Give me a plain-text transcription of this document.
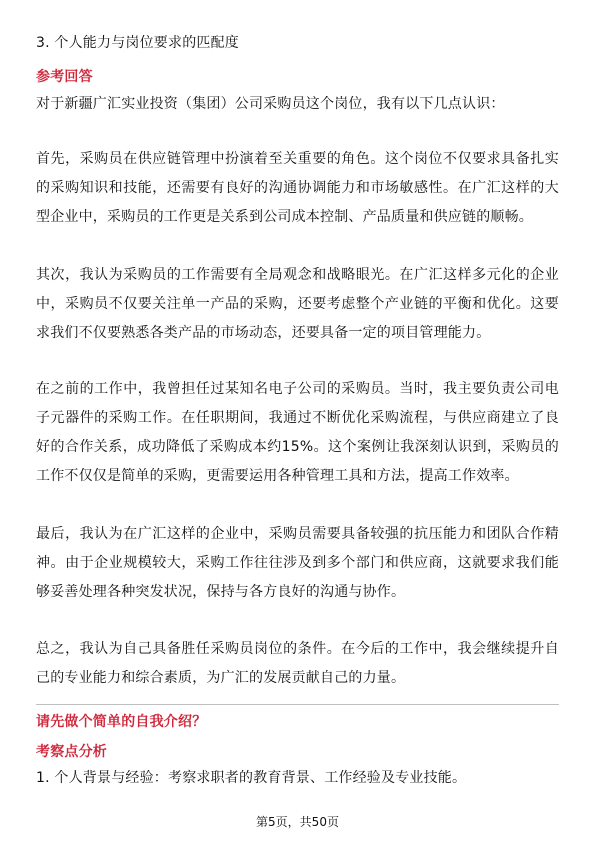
3. 个人能力与岗位要求的匹配度
参考回答
对于新疆广汇实业投资（集团）公司采购员这个岗位，我有以下几点认识：
首先，采购员在供应链管理中扮演着至关重要的角色。这个岗位不仅要求具备扎实
的采购知识和技能，还需要有良好的沟通协调能力和市场敏感性。在广汇这样的大
型企业中，采购员的工作更是关系到公司成本控制、产品质量和供应链的顺畅。
其次，我认为采购员的工作需要有全局观念和战略眼光。在广汇这样多元化的企业
中，采购员不仅要关注单一产品的采购，还要考虑整个产业链的平衡和优化。这要
求我们不仅要熟悉各类产品的市场动态，还要具备一定的项目管理能力。
在之前的工作中，我曾担任过某知名电子公司的采购员。当时，我主要负责公司电
子元器件的采购工作。在任职期间，我通过不断优化采购流程，与供应商建立了良
好的合作关系，成功降低了采购成本约15%。这个案例让我深刻认识到，采购员的
工作不仅仅是简单的采购，更需要运用各种管理工具和方法，提高工作效率。
最后，我认为在广汇这样的企业中，采购员需要具备较强的抗压能力和团队合作精
神。由于企业规模较大，采购工作往往涉及到多个部门和供应商，这就要求我们能
够妥善处理各种突发状况，保持与各方良好的沟通与协作。
总之，我认为自己具备胜任采购员岗位的条件。在今后的工作中，我会继续提升自
己的专业能力和综合素质，为广汇的发展贡献自己的力量。
请先做个简单的自我介绍？
考察点分析
1. 个人背景与经验：考察求职者的教育背景、工作经验及专业技能。
第5页，共50页
